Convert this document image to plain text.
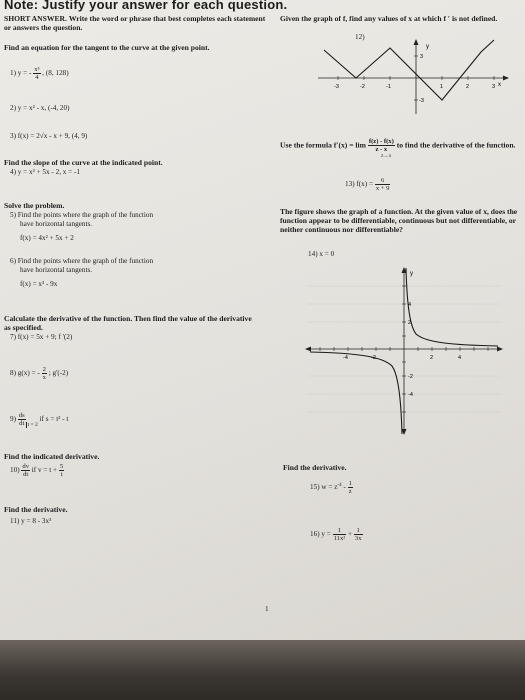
Note: Justify your answer for each question.
SHORT ANSWER. Write the word or phrase that best completes each statement or answers the question.
Find an equation for the tangent to the curve at the given point.
1) y = - $\frac{\text{x³}}{4}$ , (8, 128)
2) y = x² - x, (-4, 20)
3) f(x) = 2√x - x + 9, (4, 9)
Find the slope of the curve at the indicated point.
4) y = x² + 5x - 2, x = -1
Solve the problem.
5) Find the points where the graph of the function
have horizontal tangents.
f(x) = 4x² + 5x + 2
6) Find the points where the graph of the function
have horizontal tangents.
f(x) = x³ - 9x
Calculate the derivative of the function. Then find the value of the derivative as specified.
7) f(x) = 5x + 9; f '(2)
8) g(x) = - $\frac{2}{x}$ ; g'(-2)
$9) \frac{ds}{dt} _{t = 2}$ if s = t² - t
Find the indicated derivative.
$10) \frac{dv}{dt}$ if $v = t + \frac{5}{t}$
Find the derivative.
11) y = 8 - 3x³
Given the graph of f, find any values of x at which f ′ is not defined.
12)
y
x
-3	-2	-1	1	2	3
3
-3
Use the formula $f'(x) = \lim \frac{f(z) - f(x)}{z - x}$ to find the derivative of the function.
z→x
13) $f(x) = \frac{6}{x + 9}$
The figure shows the graph of a function. At the given value of x, does the function appear to be differentiable, continuous but not differentiable, or neither continuous nor differentiable?
14) x = 0
y
-4	-2	2	4
4
2
-2
-4
Find the derivative.
15) $w = z^{-4} - \frac{1}{z}$
16) $y = \frac{1}{\text{11x²}} + \frac{1}{3x}$
1
